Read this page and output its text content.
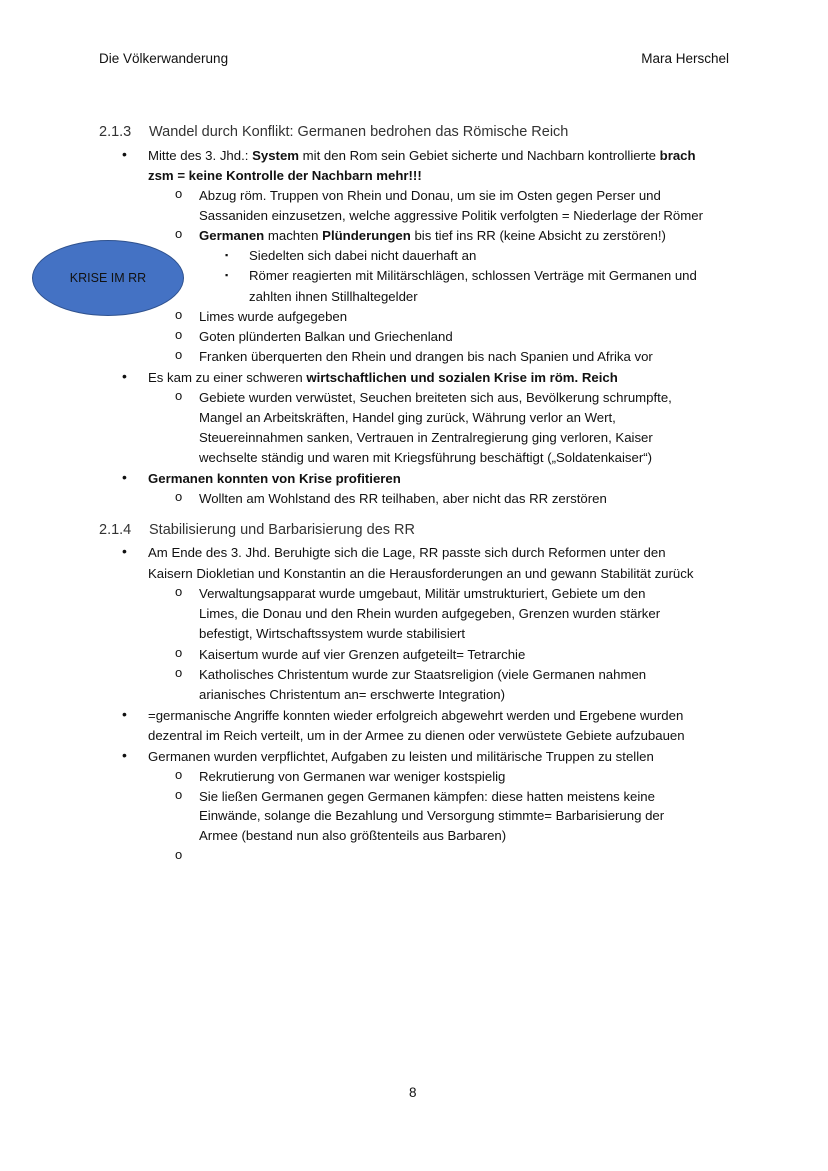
Die Völkerwanderung	Mara Herschel
2.1.3 Wandel durch Konflikt: Germanen bedrohen das Römische Reich
KRISE IM RR
• Mitte des 3. Jhd.: System mit den Rom sein Gebiet sicherte und Nachbarn kontrollierte brach
zsm = keine Kontrolle der Nachbarn mehr!!!
o Abzug röm. Truppen von Rhein und Donau, um sie im Osten gegen Perser und
Sassaniden einzusetzen, welche aggressive Politik verfolgten = Niederlage der Römer
o Germanen machten Plünderungen bis tief ins RR (keine Absicht zu zerstören!)
▪ Siedelten sich dabei nicht dauerhaft an
▪ Römer reagierten mit Militärschlägen, schlossen Verträge mit Germanen und
zahlten ihnen Stillhaltegelder
o Limes wurde aufgegeben
o Goten plünderten Balkan und Griechenland
o Franken überquerten den Rhein und drangen bis nach Spanien und Afrika vor
• Es kam zu einer schweren wirtschaftlichen und sozialen Krise im röm. Reich
o Gebiete wurden verwüstet, Seuchen breiteten sich aus, Bevölkerung schrumpfte,
Mangel an Arbeitskräften, Handel ging zurück, Währung verlor an Wert,
Steuereinnahmen sanken, Vertrauen in Zentralregierung ging verloren, Kaiser
wechselte ständig und waren mit Kriegsführung beschäftigt („Soldatenkaiser“)
• Germanen konnten von Krise profitieren
o Wollten am Wohlstand des RR teilhaben, aber nicht das RR zerstören
2.1.4 Stabilisierung und Barbarisierung des RR
• Am Ende des 3. Jhd. Beruhigte sich die Lage, RR passte sich durch Reformen unter den
Kaisern Diokletian und Konstantin an die Herausforderungen an und gewann Stabilität zurück
o Verwaltungsapparat wurde umgebaut, Militär umstrukturiert, Gebiete um den
Limes, die Donau und den Rhein wurden aufgegeben, Grenzen wurden stärker
befestigt, Wirtschaftssystem wurde stabilisiert
o Kaisertum wurde auf vier Grenzen aufgeteilt= Tetrarchie
o Katholisches Christentum wurde zur Staatsreligion (viele Germanen nahmen
arianisches Christentum an= erschwerte Integration)
• =germanische Angriffe konnten wieder erfolgreich abgewehrt werden und Ergebene wurden
dezentral im Reich verteilt, um in der Armee zu dienen oder verwüstete Gebiete aufzubauen
• Germanen wurden verpflichtet, Aufgaben zu leisten und militärische Truppen zu stellen
o Rekrutierung von Germanen war weniger kostspielig
o Sie ließen Germanen gegen Germanen kämpfen: diese hatten meistens keine
Einwände, solange die Bezahlung und Versorgung stimmte= Barbarisierung der
Armee (bestand nun also größtenteils aus Barbaren)
o
8
